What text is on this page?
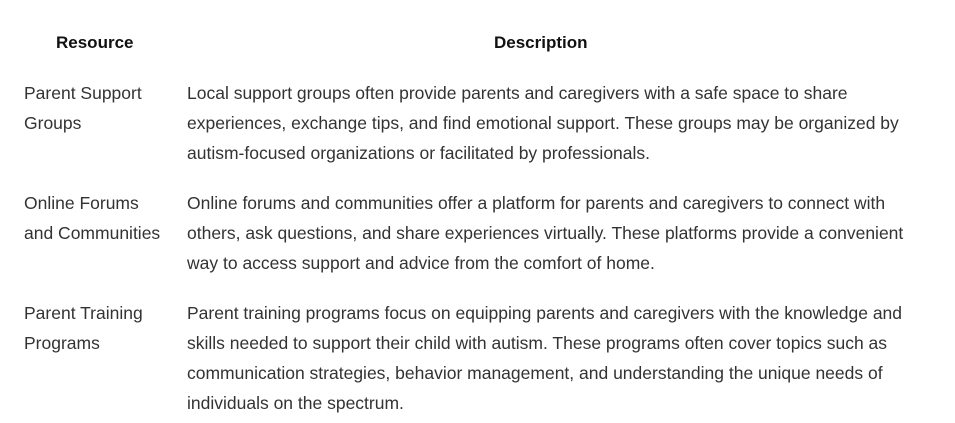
Resource	Description
Parent Support Groups
Local support groups often provide parents and caregivers with a safe space to share experiences, exchange tips, and find emotional support. These groups may be organized by autism-focused organizations or facilitated by professionals.
Online Forums and Communities
Online forums and communities offer a platform for parents and caregivers to connect with others, ask questions, and share experiences virtually. These platforms provide a convenient way to access support and advice from the comfort of home.
Parent Training Programs
Parent training programs focus on equipping parents and caregivers with the knowledge and skills needed to support their child with autism. These programs often cover topics such as communication strategies, behavior management, and understanding the unique needs of individuals on the spectrum.
